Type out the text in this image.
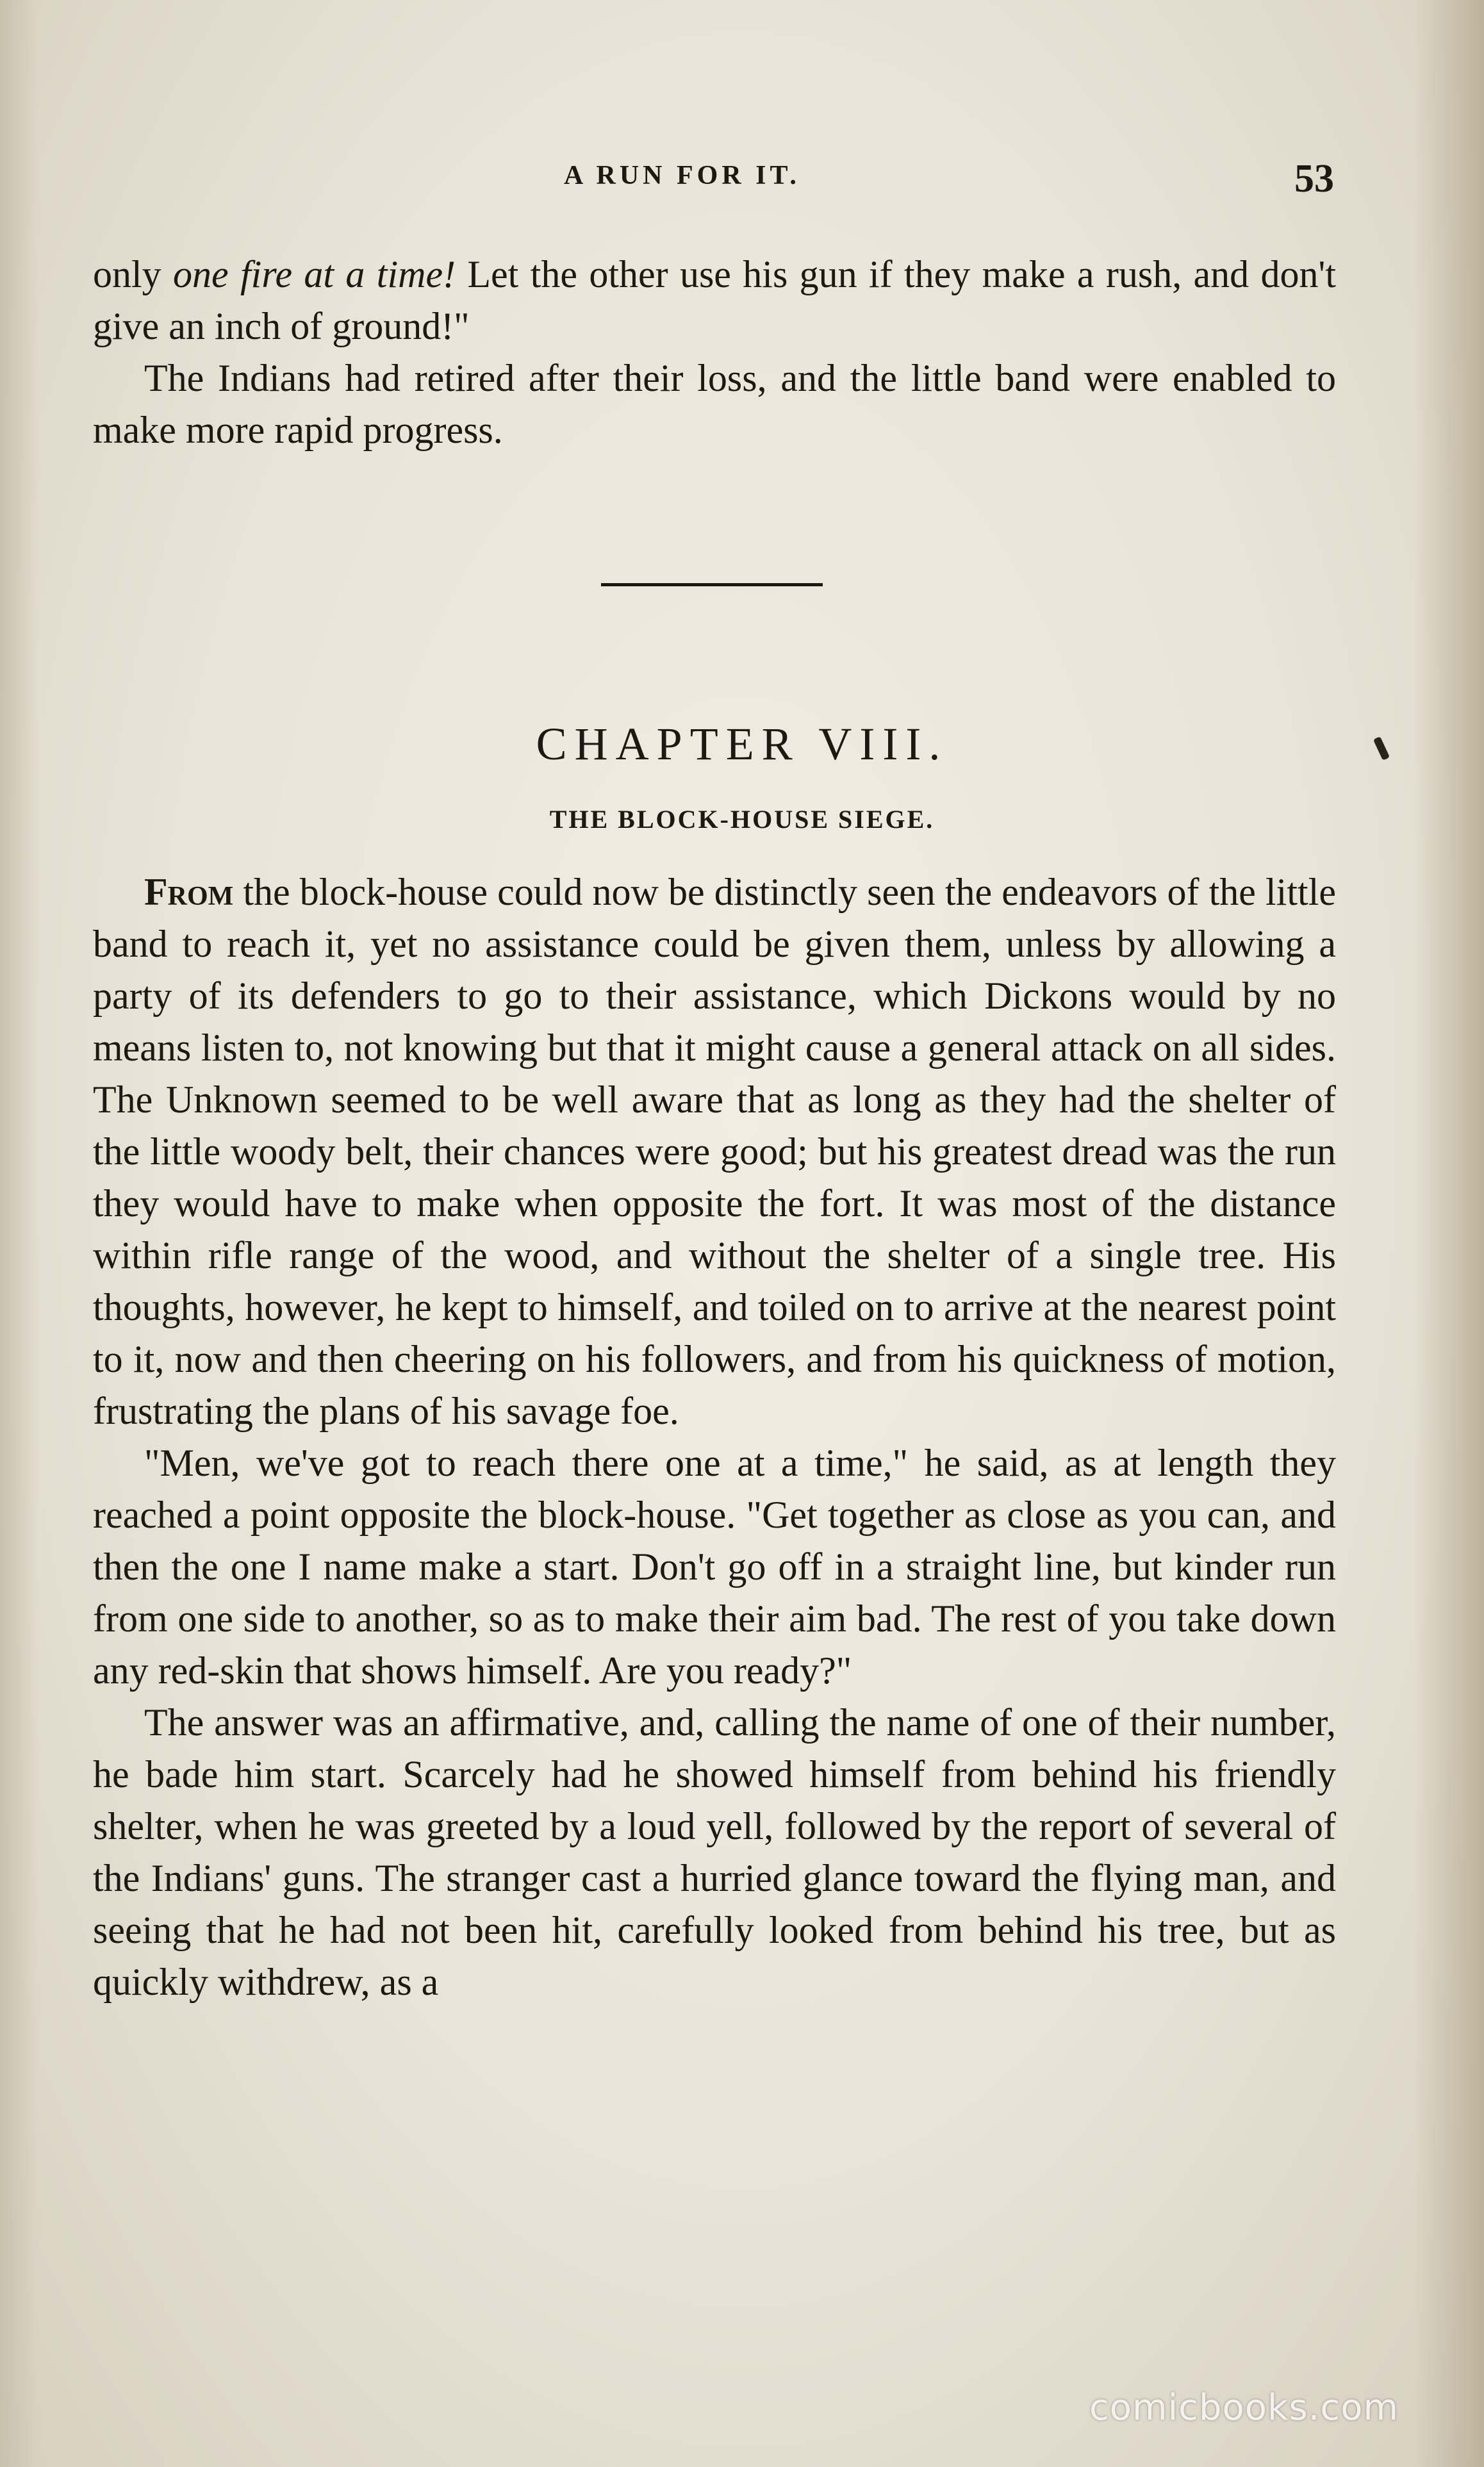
A RUN FOR IT.	53

only one fire at a time! Let the other use his gun if they make a rush, and don't give an inch of ground!"

The Indians had retired after their loss, and the little band were enabled to make more rapid progress.

CHAPTER VIII.
THE BLOCK-HOUSE SIEGE.

From the block-house could now be distinctly seen the endeavors of the little band to reach it, yet no assistance could be given them, unless by allowing a party of its defenders to go to their assistance, which Dickons would by no means listen to, not knowing but that it might cause a general attack on all sides. The Unknown seemed to be well aware that as long as they had the shelter of the little woody belt, their chances were good; but his greatest dread was the run they would have to make when opposite the fort. It was most of the distance within rifle range of the wood, and without the shelter of a single tree. His thoughts, however, he kept to himself, and toiled on to arrive at the nearest point to it, now and then cheering on his followers, and from his quickness of motion, frustrating the plans of his savage foe.

"Men, we've got to reach there one at a time," he said, as at length they reached a point opposite the block-house. "Get together as close as you can, and then the one I name make a start. Don't go off in a straight line, but kinder run from one side to another, so as to make their aim bad. The rest of you take down any red-skin that shows himself. Are you ready?"

The answer was an affirmative, and, calling the name of one of their number, he bade him start. Scarcely had he showed himself from behind his friendly shelter, when he was greeted by a loud yell, followed by the report of several of the Indians' guns. The stranger cast a hurried glance toward the flying man, and seeing that he had not been hit, carefully looked from behind his tree, but as quickly withdrew, as a

comicbooks.com
